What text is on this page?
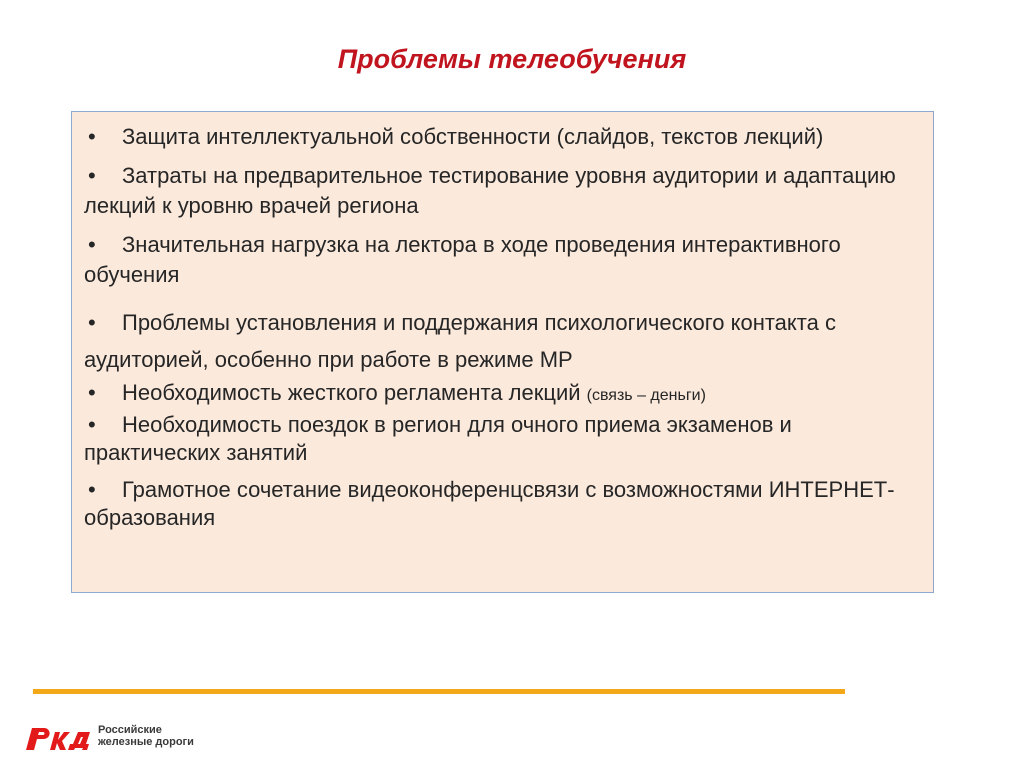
Проблемы телеобучения
• Защита интеллектуальной собственности (слайдов, текстов лекций)
• Затраты на предварительное тестирование уровня аудитории и адаптацию лекций к уровню врачей региона
• Значительная нагрузка на лектора в ходе проведения интерактивного обучения
• Проблемы установления и поддержания психологического контакта с аудиторией, особенно при работе в режиме МР
• Необходимость жесткого регламента лекций (связь – деньги)
• Необходимость поездок в регион для очного приема экзаменов и практических занятий
• Грамотное сочетание видеоконференцсвязи с возможностями ИНТЕРНЕТ-образования
Российские
железные дороги
